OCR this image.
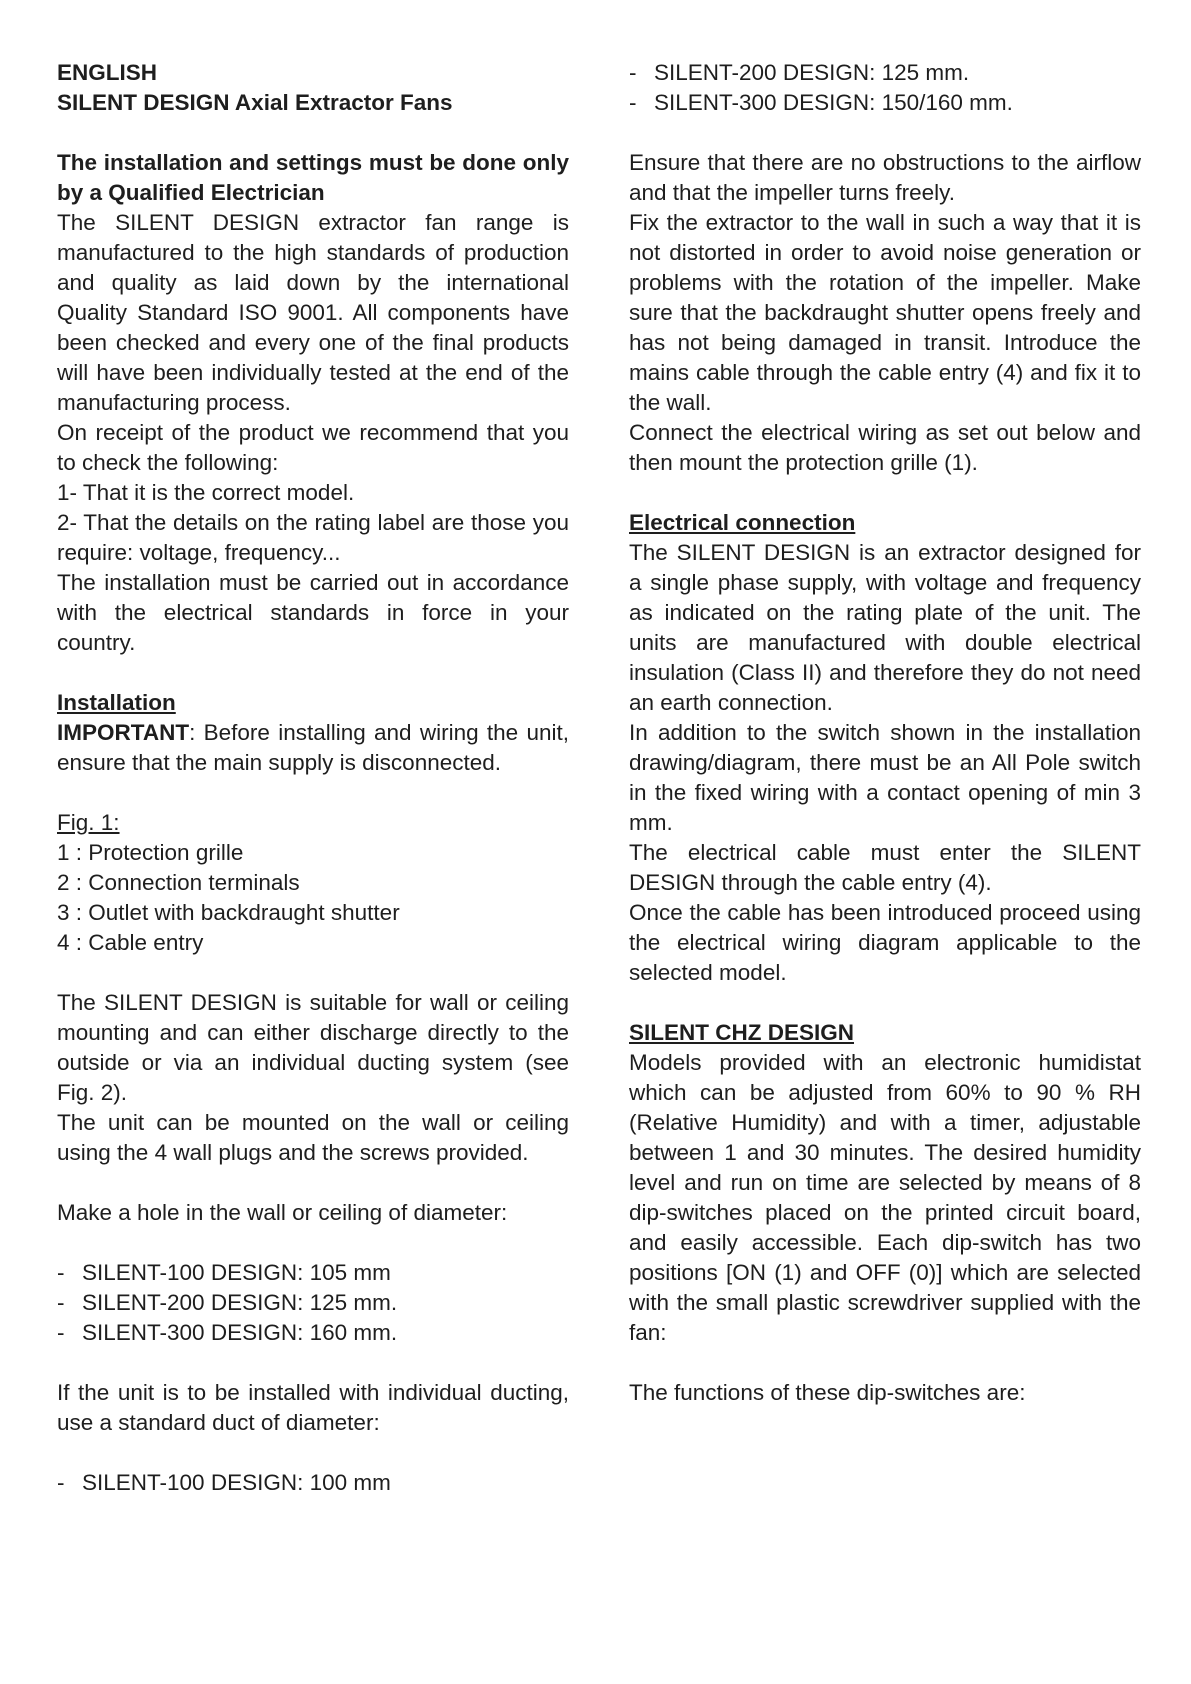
ENGLISH

SILENT DESIGN Axial Extractor Fans

The installation and settings must be done only by a Qualified Electrician

The SILENT DESIGN extractor fan range is manufactured to the high standards of production and quality as laid down by the international Quality Standard ISO 9001. All components have been checked and every one of the final products will have been individually tested at the end of the manufacturing process.

On receipt of the product we recommend that you to check the following:

1- That it is the correct model.

2- That the details on the rating label are those you require: voltage, frequency...

The installation must be carried out in accordance with the electrical standards in force in your country.

Installation

IMPORTANT: Before installing and wiring the unit, ensure that the main supply is disconnected.

Fig. 1:

1 : Protection grille

2 : Connection terminals

3 : Outlet with backdraught shutter

4 : Cable entry

The SILENT DESIGN is suitable for wall or ceiling mounting and can either discharge directly to the outside or via an individual ducting system (see Fig. 2).

The unit can be mounted on the wall or ceiling using the 4 wall plugs and the screws provided.

Make a hole in the wall or ceiling of diameter:

- SILENT-100 DESIGN: 105 mm
- SILENT-200 DESIGN: 125 mm.
- SILENT-300 DESIGN: 160 mm.

If the unit is to be installed with individual ducting, use a standard duct of diameter:

- SILENT-100 DESIGN: 100 mm
- SILENT-200 DESIGN: 125 mm.
- SILENT-300 DESIGN: 150/160 mm.

Ensure that there are no obstructions to the airflow and that the impeller turns freely.

Fix the extractor to the wall in such a way that it is not distorted in order to avoid noise generation or problems with the rotation of the impeller. Make sure that the backdraught shutter opens freely and has not being damaged in transit. Introduce the mains cable through the cable entry (4) and fix it to the wall.

Connect the electrical wiring as set out below and then mount the protection grille (1).

Electrical connection

The SILENT DESIGN is an extractor designed for a single phase supply, with voltage and frequency as indicated on the rating plate of the unit. The units are manufactured with double electrical insulation (Class II) and therefore they do not need an earth connection.

In addition to the switch shown in the installation drawing/diagram, there must be an All Pole switch in the fixed wiring with a contact opening of min 3 mm.

The electrical cable must enter the SILENT DESIGN through the cable entry (4).

Once the cable has been introduced proceed using the electrical wiring diagram applicable to the selected model.

SILENT CHZ DESIGN

Models provided with an electronic humidistat which can be adjusted from 60% to 90 % RH (Relative Humidity) and with a timer, adjustable between 1 and 30 minutes. The desired humidity level and run on time are selected by means of 8 dip-switches placed on the printed circuit board, and easily accessible. Each dip-switch has two positions [ON (1) and OFF (0)] which are selected with the small plastic screwdriver supplied with the fan:

The functions of these dip-switches are:
